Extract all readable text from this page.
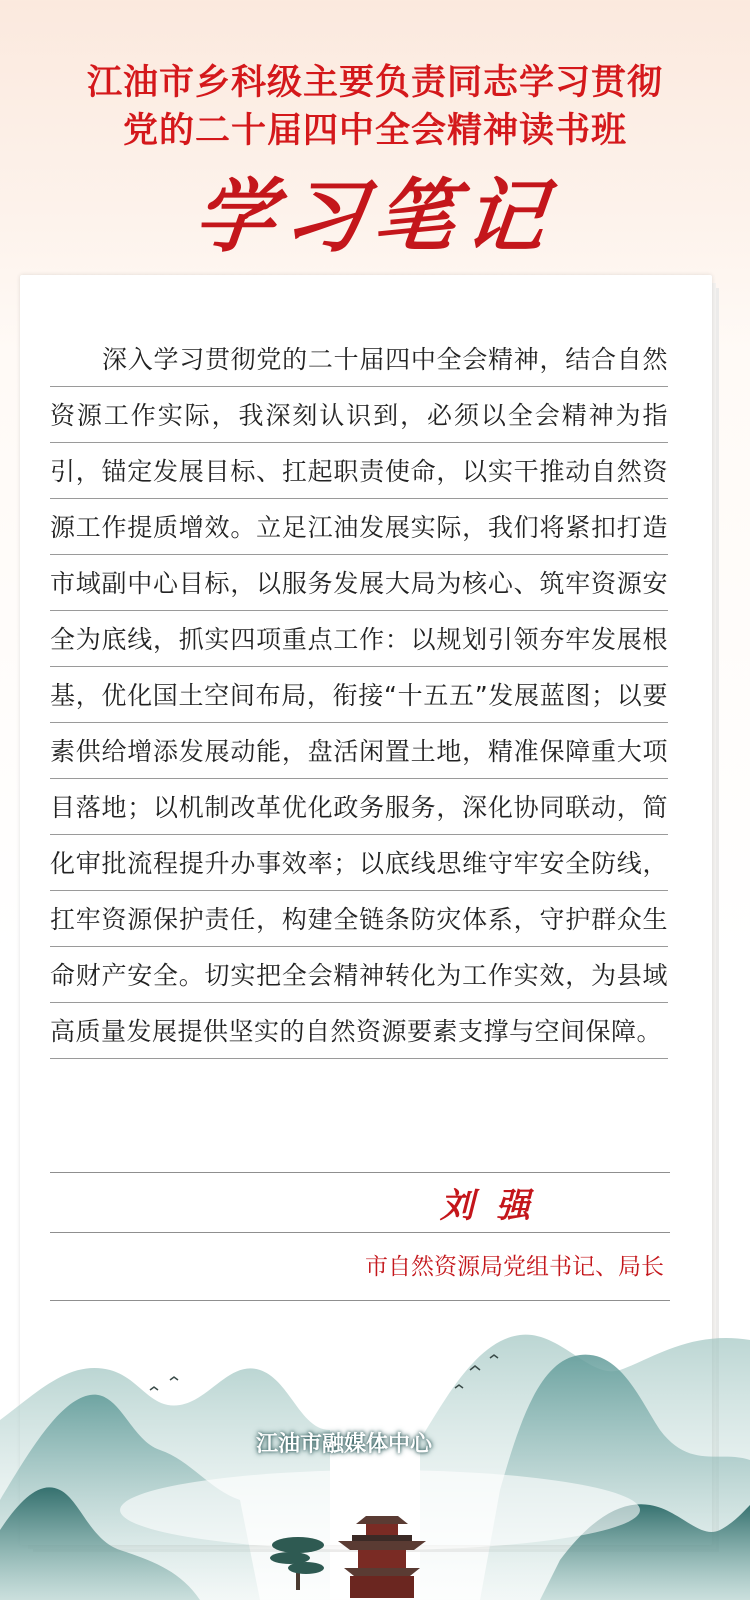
江油市乡科级主要负责同志学习贯彻
党的二十届四中全会精神读书班
学习笔记

深入学习贯彻党的二十届四中全会精神，结合自然资源工作实际，我深刻认识到，必须以全会精神为指引，锚定发展目标、扛起职责使命，以实干推动自然资源工作提质增效。立足江油发展实际，我们将紧扣打造市域副中心目标，以服务发展大局为核心、筑牢资源安全为底线，抓实四项重点工作：以规划引领夯牢发展根基，优化国土空间布局，衔接“十五五”发展蓝图；以要素供给增添发展动能，盘活闲置土地，精准保障重大项目落地；以机制改革优化政务服务，深化协同联动，简化审批流程提升办事效率；以底线思维守牢安全防线，扛牢资源保护责任，构建全链条防灾体系，守护群众生命财产安全。切实把全会精神转化为工作实效，为县域高质量发展提供坚实的自然资源要素支撑与空间保障。

刘强
市自然资源局党组书记、局长
江油市融媒体中心
